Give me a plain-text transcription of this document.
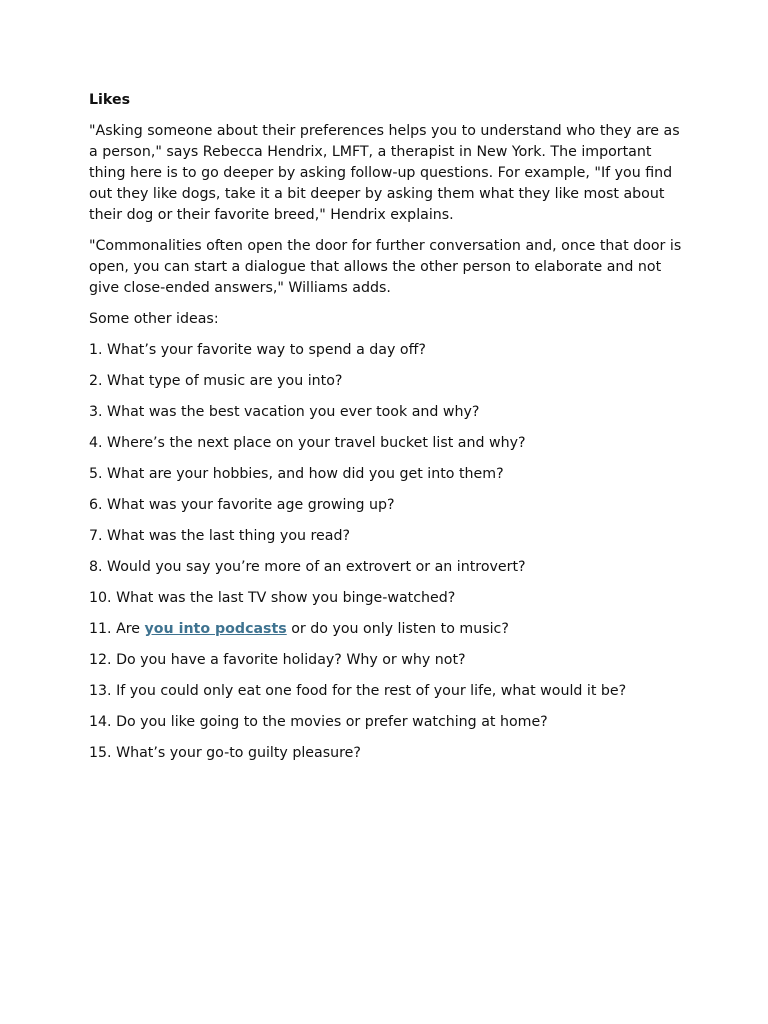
Likes

"Asking someone about their preferences helps you to understand who they are as a person," says Rebecca Hendrix, LMFT, a therapist in New York. The important thing here is to go deeper by asking follow-up questions. For example, "If you find out they like dogs, take it a bit deeper by asking them what they like most about their dog or their favorite breed," Hendrix explains.

"Commonalities often open the door for further conversation and, once that door is open, you can start a dialogue that allows the other person to elaborate and not give close-ended answers," Williams adds.

Some other ideas:
1. What’s your favorite way to spend a day off?
2. What type of music are you into?
3. What was the best vacation you ever took and why?
4. Where’s the next place on your travel bucket list and why?
5. What are your hobbies, and how did you get into them?
6. What was your favorite age growing up?
7. What was the last thing you read?
8. Would you say you’re more of an extrovert or an introvert?
10. What was the last TV show you binge-watched?
11. Are you into podcasts or do you only listen to music?
12. Do you have a favorite holiday? Why or why not?
13. If you could only eat one food for the rest of your life, what would it be?
14. Do you like going to the movies or prefer watching at home?
15. What’s your go-to guilty pleasure?
